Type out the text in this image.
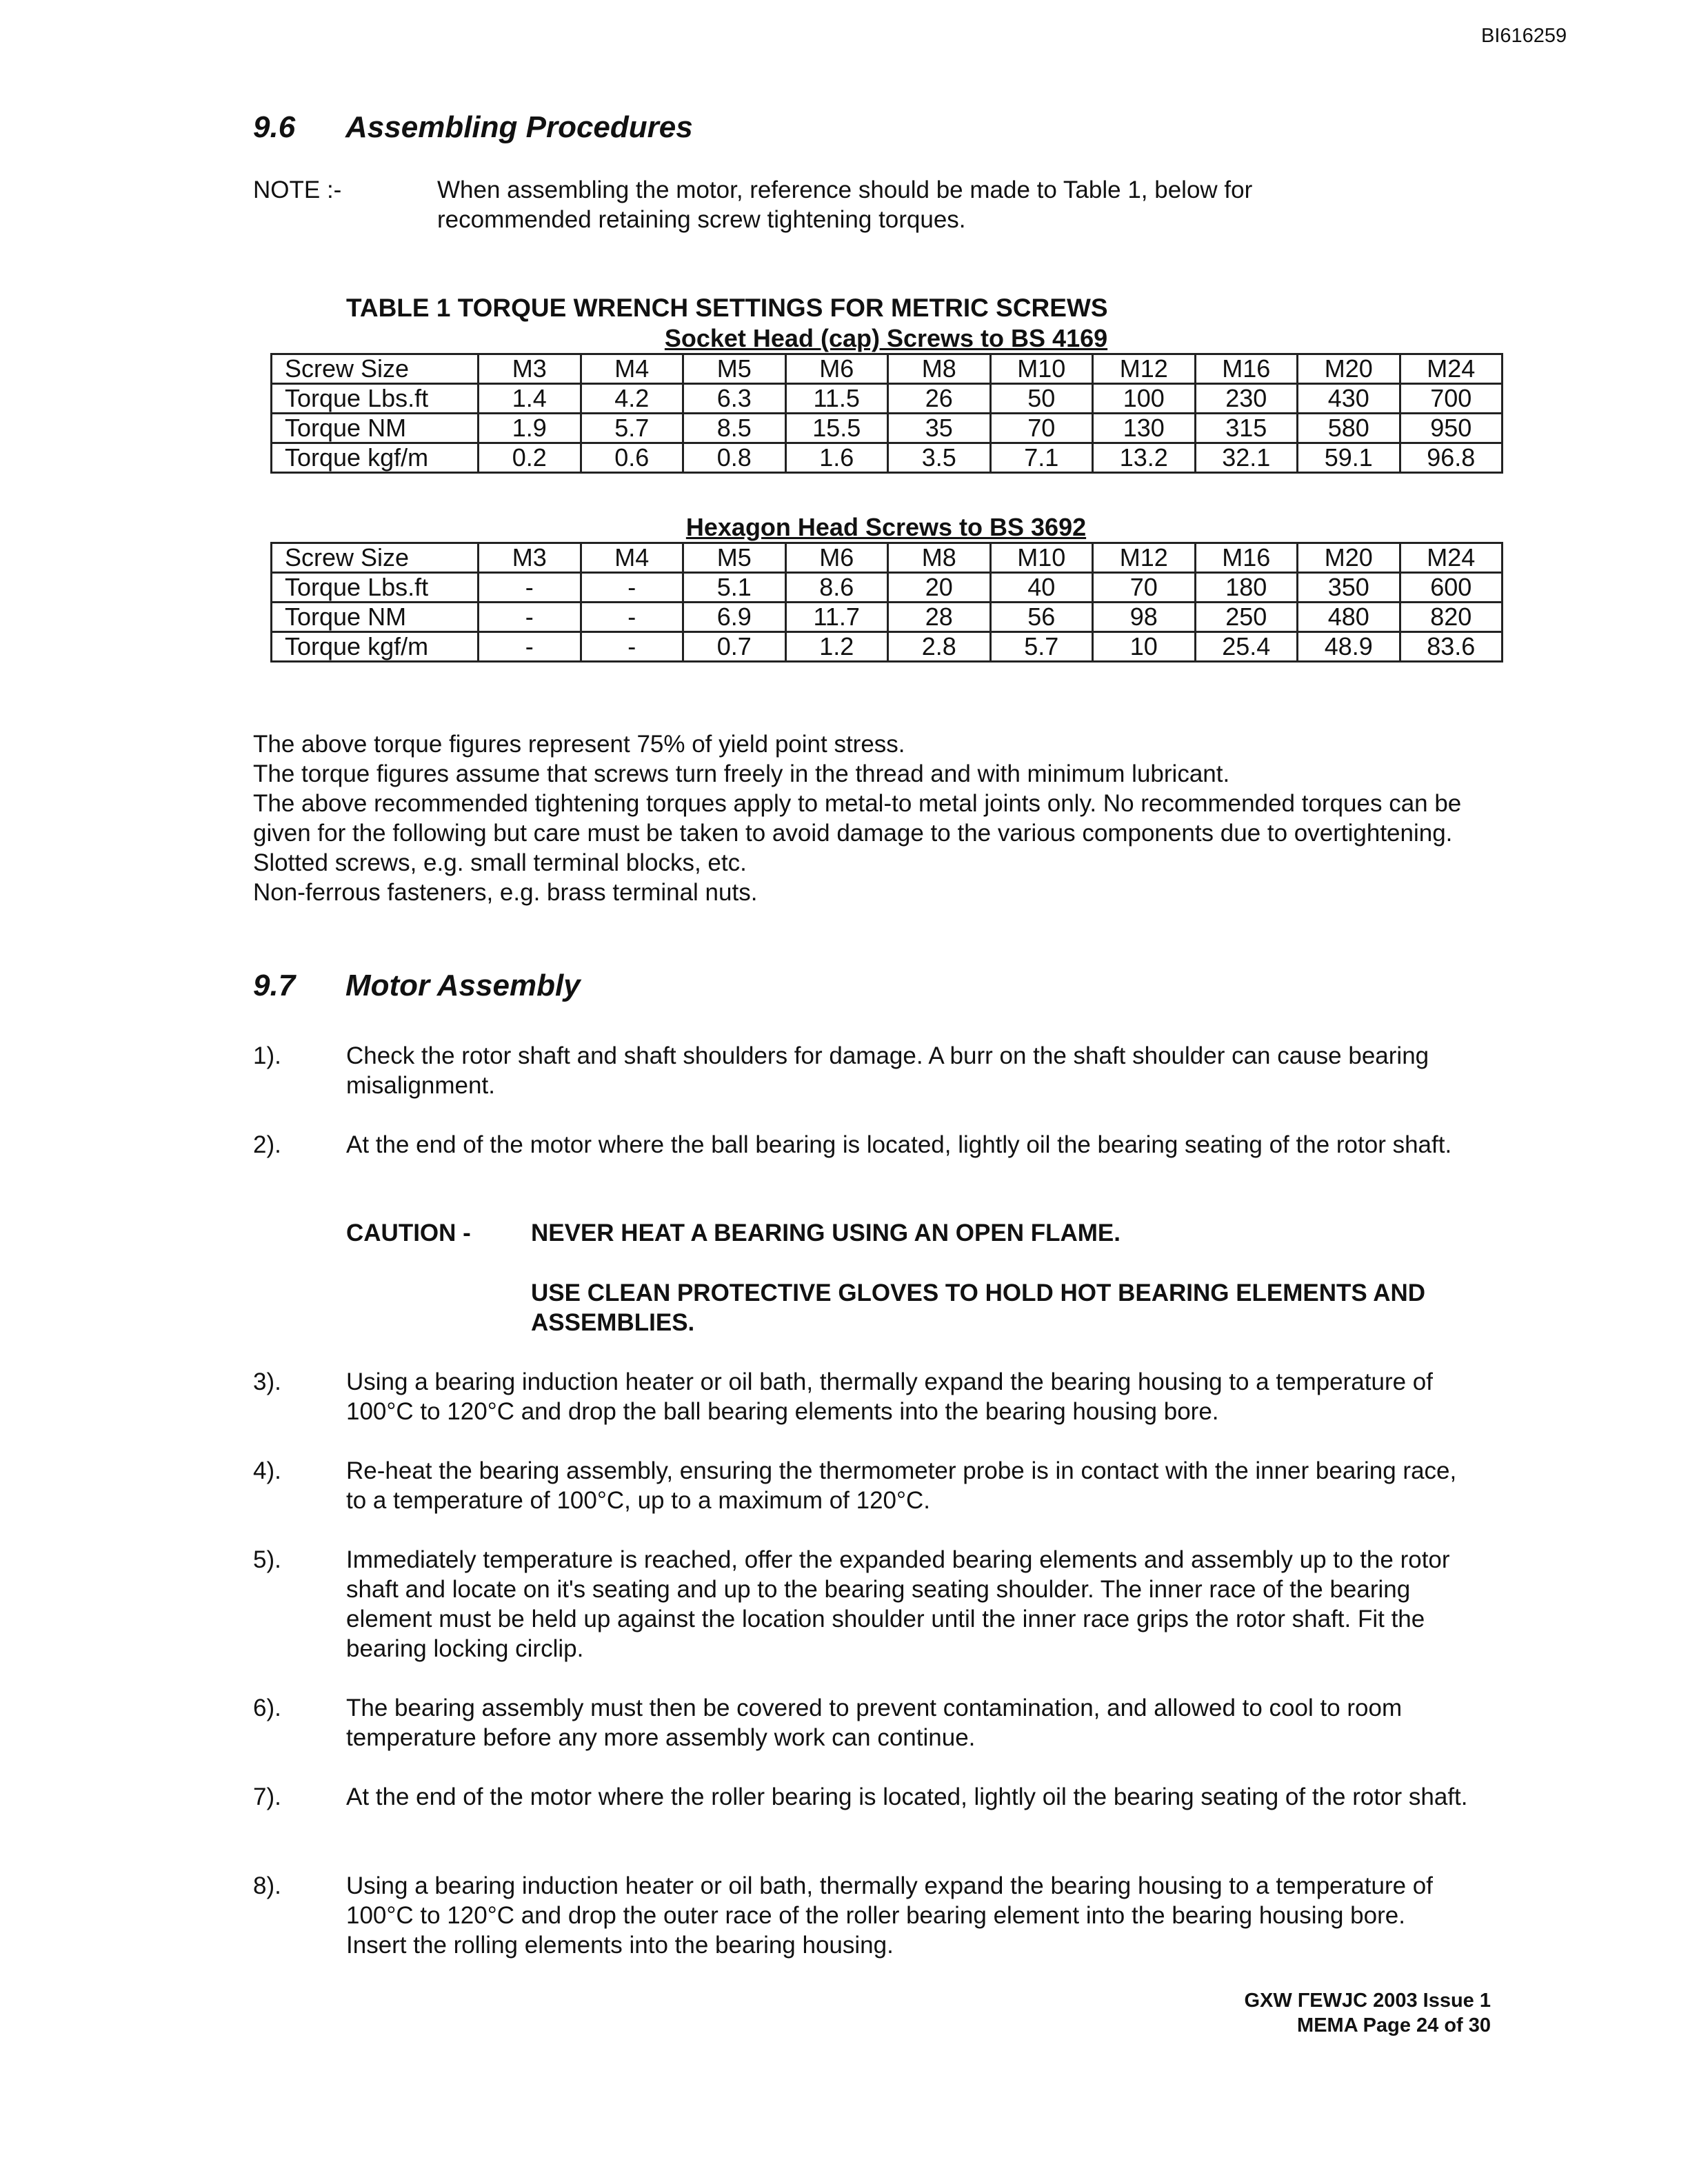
BI616259
9.6 Assembling Procedures
NOTE :-	When assembling the motor, reference should be made to Table 1, below for recommended retaining screw tightening torques.
TABLE 1 TORQUE WRENCH SETTINGS FOR METRIC SCREWS
Socket Head (cap) Screws to BS 4169
Screw Size	M3	M4	M5	M6	M8	M10	M12	M16	M20	M24
Torque Lbs.ft	1.4	4.2	6.3	11.5	26	50	100	230	430	700
Torque NM	1.9	5.7	8.5	15.5	35	70	130	315	580	950
Torque kgf/m	0.2	0.6	0.8	1.6	3.5	7.1	13.2	32.1	59.1	96.8
Hexagon Head Screws to BS 3692
Screw Size	M3	M4	M5	M6	M8	M10	M12	M16	M20	M24
Torque Lbs.ft	-	-	5.1	8.6	20	40	70	180	350	600
Torque NM	-	-	6.9	11.7	28	56	98	250	480	820
Torque kgf/m	-	-	0.7	1.2	2.8	5.7	10	25.4	48.9	83.6
The above torque figures represent 75% of yield point stress.
The torque figures assume that screws turn freely in the thread and with minimum lubricant.
The above recommended tightening torques apply to metal-to metal joints only. No recommended torques can be given for the following but care must be taken to avoid damage to the various components due to overtightening.
Slotted screws, e.g. small terminal blocks, etc.
Non-ferrous fasteners, e.g. brass terminal nuts.
9.7 Motor Assembly
1).	Check the rotor shaft and shaft shoulders for damage. A burr on the shaft shoulder can cause bearing misalignment.
2).	At the end of the motor where the ball bearing is located, lightly oil the bearing seating of the rotor shaft.
CAUTION - NEVER HEAT A BEARING USING AN OPEN FLAME.
USE CLEAN PROTECTIVE GLOVES TO HOLD HOT BEARING ELEMENTS AND ASSEMBLIES.
3).	Using a bearing induction heater or oil bath, thermally expand the bearing housing to a temperature of 100°C to 120°C and drop the ball bearing elements into the bearing housing bore.
4).	Re-heat the bearing assembly, ensuring the thermometer probe is in contact with the inner bearing race, to a temperature of 100°C, up to a maximum of 120°C.
5).	Immediately temperature is reached, offer the expanded bearing elements and assembly up to the rotor shaft and locate on it's seating and up to the bearing seating shoulder. The inner race of the bearing element must be held up against the location shoulder until the inner race grips the rotor shaft. Fit the bearing locking circlip.
6).	The bearing assembly must then be covered to prevent contamination, and allowed to cool to room temperature before any more assembly work can continue.
7).	At the end of the motor where the roller bearing is located, lightly oil the bearing seating of the rotor shaft.
8).	Using a bearing induction heater or oil bath, thermally expand the bearing housing to a temperature of 100°C to 120°C and drop the outer race of the roller bearing element into the bearing housing bore. Insert the rolling elements into the bearing housing.
GXW ΓEWJC 2003 Issue 1
MEMA Page 24 of 30
